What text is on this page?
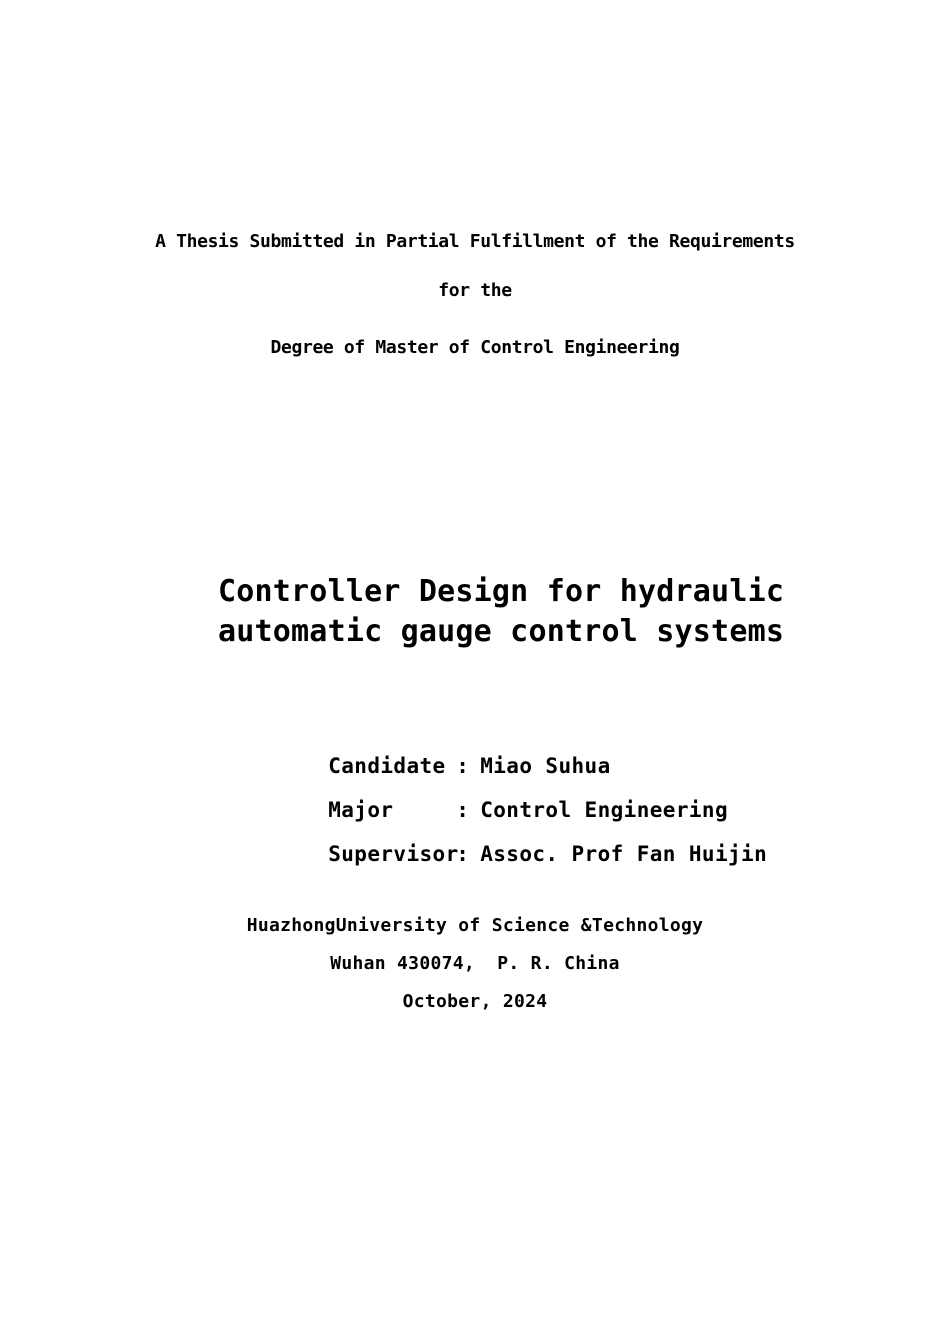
A Thesis Submitted in Partial Fulfillment of the Requirements
for the
Degree of Master of Control Engineering
Controller Design for hydraulic
automatic gauge control systems

Candidate : Miao Suhua

Major	: Control Engineering

Supervisor: Assoc. Prof Fan Huijin

HuazhongUniversity of Science &Technology
Wuhan 430074,  P. R. China
October, 2024
